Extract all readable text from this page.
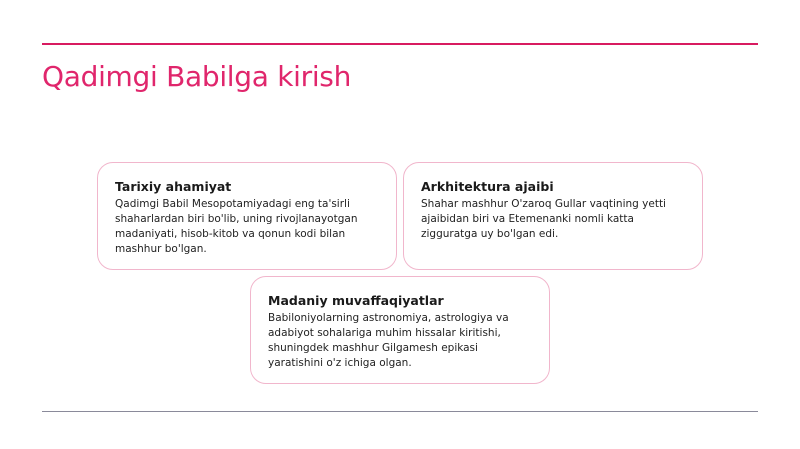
Qadimgi Babilga kirish
Tarixiy ahamiyat

Qadimgi Babil Mesopotamiyadagi eng ta'sirli shaharlardan biri bo'lib, uning rivojlanayotgan madaniyati, hisob-kitob va qonun kodi bilan mashhur bo'lgan.

Arkhitektura ajaibi

Shahar mashhur O'zaroq Gullar vaqtining yetti ajaibidan biri va Etemenanki nomli katta zigguratga uy bo'lgan edi.

Madaniy muvaffaqiyatlar

Babiloniyolarning astronomiya, astrologiya va adabiyot sohalariga muhim hissalar kiritishi, shuningdek mashhur Gilgamesh epikasi yaratishini o'z ichiga olgan.
